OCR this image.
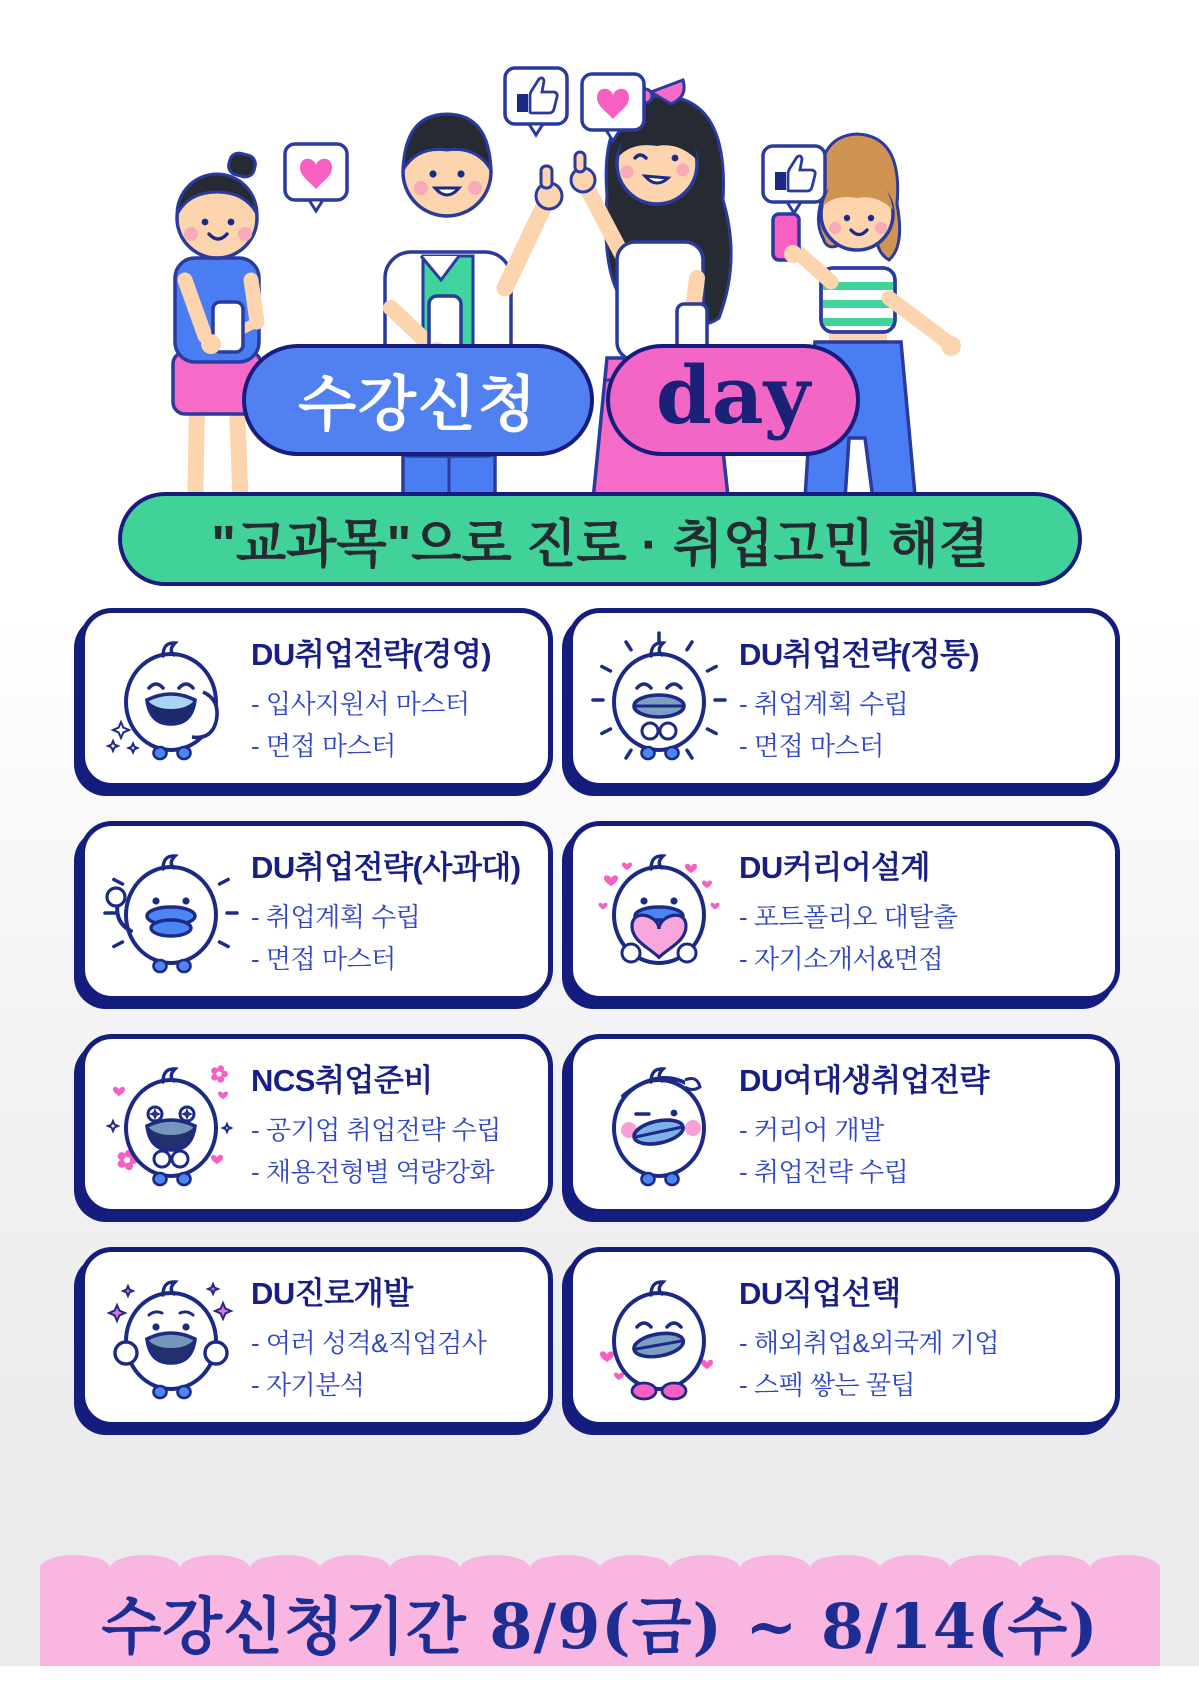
수강신청 day
"교과목"으로 진로 · 취업고민 해결
DU취업전략(경영)

- 입사지원서 마스터

- 면접 마스터

DU취업전략(정통)

- 취업계획 수립

- 면접 마스터

DU취업전략(사과대)

- 취업계획 수립

- 면접 마스터

DU커리어설계

- 포트폴리오 대탈출

- 자기소개서&면접

NCS취업준비

- 공기업 취업전략 수립

- 채용전형별 역량강화

DU여대생취업전략

- 커리어 개발

- 취업전략 수립

DU진로개발

- 여러 성격&직업검사

- 자기분석

DU직업선택

- 해외취업&외국계 기업

- 스펙 쌓는 꿀팁

수강신청기간 8/9(금) ~ 8/14(수)
